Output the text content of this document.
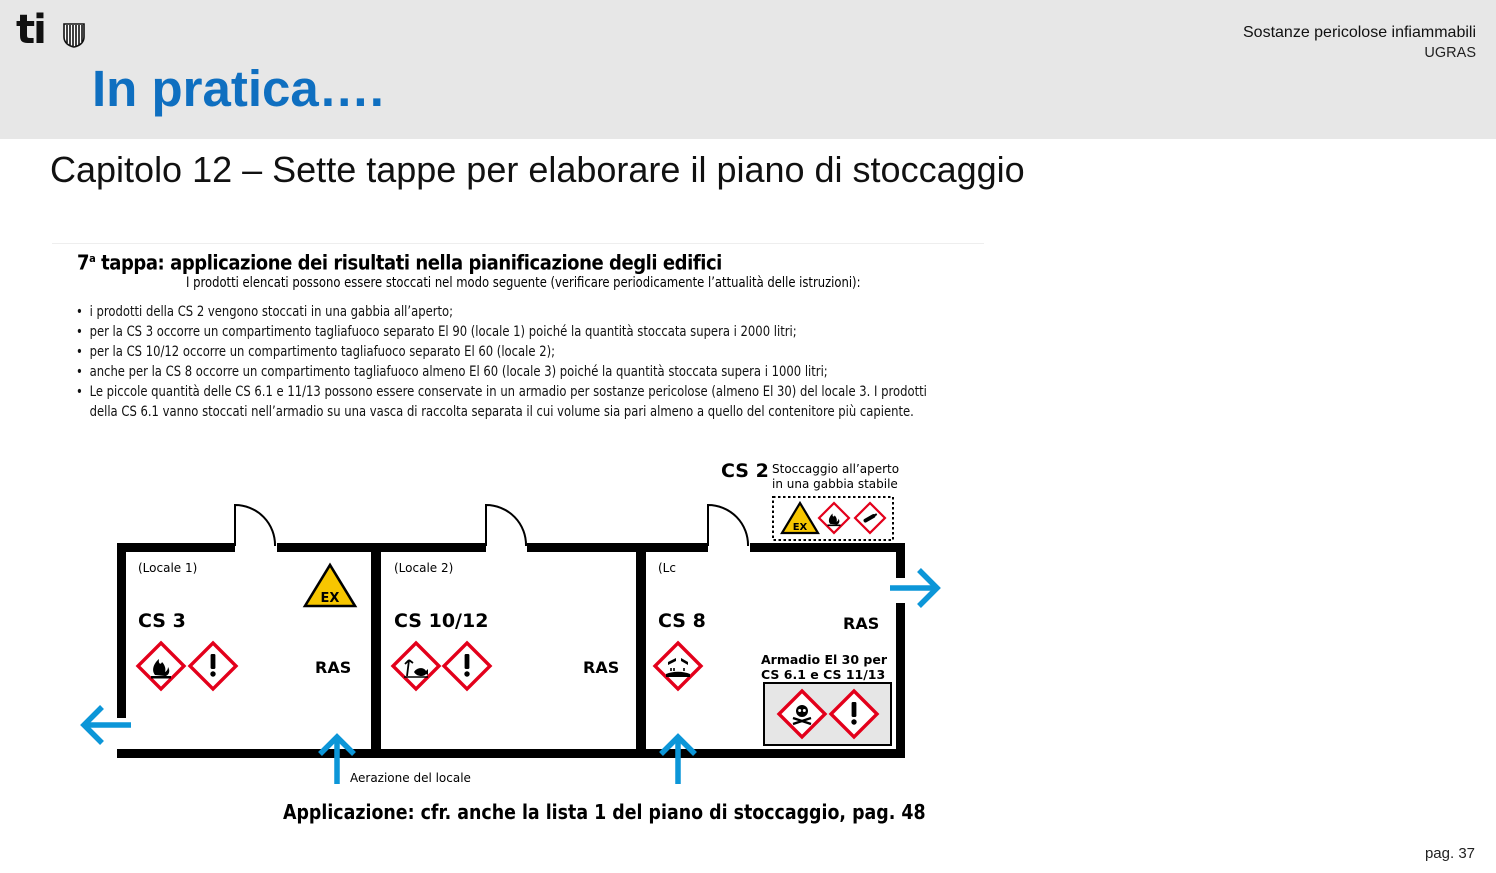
ti
In pratica….
Sostanze pericolose infiammabili
UGRAS
Capitolo 12 – Sette tappe per elaborare il piano di stoccaggio
7$^a$ tappa: applicazione dei risultati nella pianificazione degli edifici
I prodotti elencati possono essere stoccati nel modo seguente (verificare periodicamente l’attualità delle istruzioni):
• i prodotti della CS 2 vengono stoccati in una gabbia all’aperto;
• per la CS 3 occorre un compartimento tagliafuoco separato El 90 (locale 1) poiché la quantità stoccata supera i 2000 litri;
• per la CS 10/12 occorre un compartimento tagliafuoco separato El 60 (locale 2);
• anche per la CS 8 occorre un compartimento tagliafuoco almeno El 60 (locale 3) poiché la quantità stoccata supera i 1000 litri;
• Le piccole quantità delle CS 6.1 e 11/13 possono essere conservate in un armadio per sostanze pericolose (almeno El 30) del locale 3. I prodotti della CS 6.1 vanno stoccati nell’armadio su una vasca di raccolta separata il cui volume sia pari almeno a quello del contenitore più capiente.
CS 2 Stoccaggio all’aperto
in una gabbia stabile
EX
(Locale 1)
CS 3
RAS
EX
(Locale 2)
CS 10/12
RAS
(Lc
CS 8	RAS
Armadio El 30 per
CS 6.1 e CS 11/13
Aerazione del locale
Applicazione: cfr. anche la lista 1 del piano di stoccaggio, pag. 48
pag. 37
